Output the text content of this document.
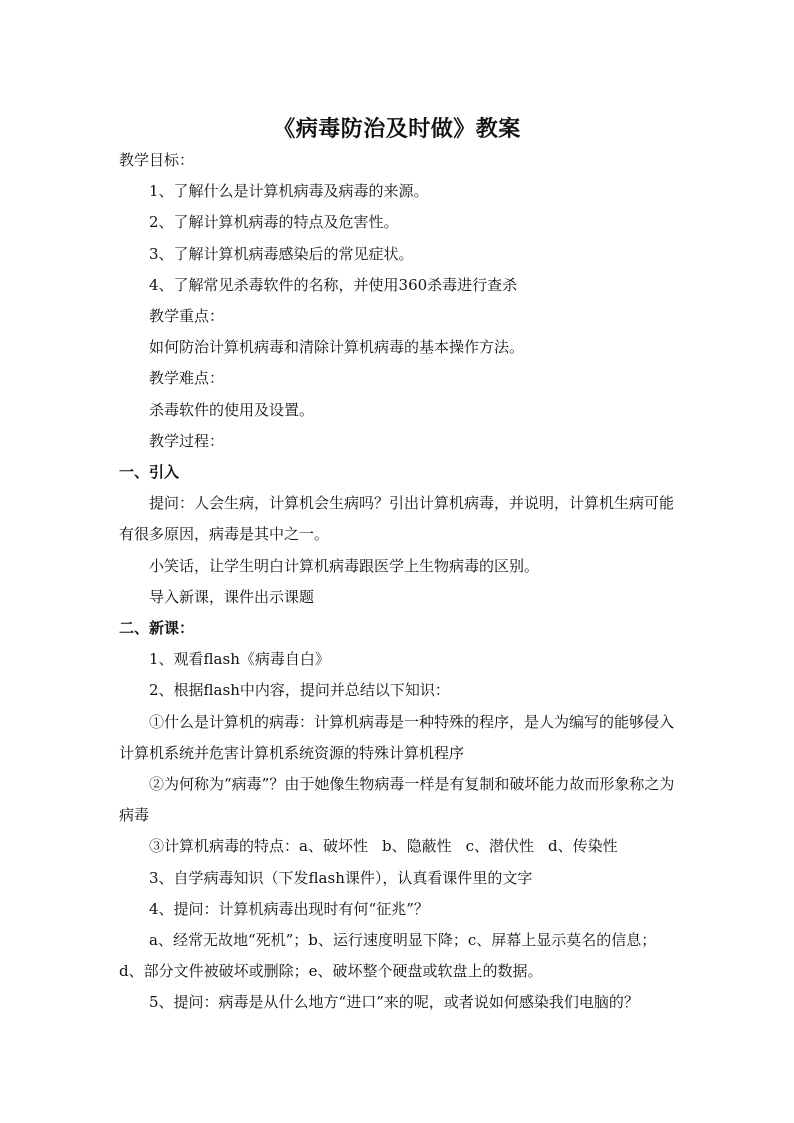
《病毒防治及时做》教案

教学目标：

1、了解什么是计算机病毒及病毒的来源。

2、了解计算机病毒的特点及危害性。

3、了解计算机病毒感染后的常见症状。

4、了解常见杀毒软件的名称，并使用360杀毒进行查杀

教学重点：

如何防治计算机病毒和清除计算机病毒的基本操作方法。

教学难点：

杀毒软件的使用及设置。

教学过程：

一、引入

提问：人会生病，计算机会生病吗？引出计算机病毒，并说明，计算机生病可能有很多原因，病毒是其中之一。

小笑话，让学生明白计算机病毒跟医学上生物病毒的区别。

导入新课，课件出示课题

二、新课：

1、观看flash《病毒自白》

2、根据flash中内容，提问并总结以下知识：

①什么是计算机的病毒：计算机病毒是一种特殊的程序，是人为编写的能够侵入计算机系统并危害计算机系统资源的特殊计算机程序

②为何称为“病毒”？由于她像生物病毒一样是有复制和破坏能力故而形象称之为病毒

③计算机病毒的特点：a、破坏性 b、隐蔽性 c、潜伏性 d、传染性

3、自学病毒知识（下发flash课件），认真看课件里的文字

4、提问：计算机病毒出现时有何“征兆”？

a、经常无故地“死机”；b、运行速度明显下降；c、屏幕上显示莫名的信息；d、部分文件被破坏或删除；e、破坏整个硬盘或软盘上的数据。

5、提问：病毒是从什么地方“进口”来的呢，或者说如何感染我们电脑的？
